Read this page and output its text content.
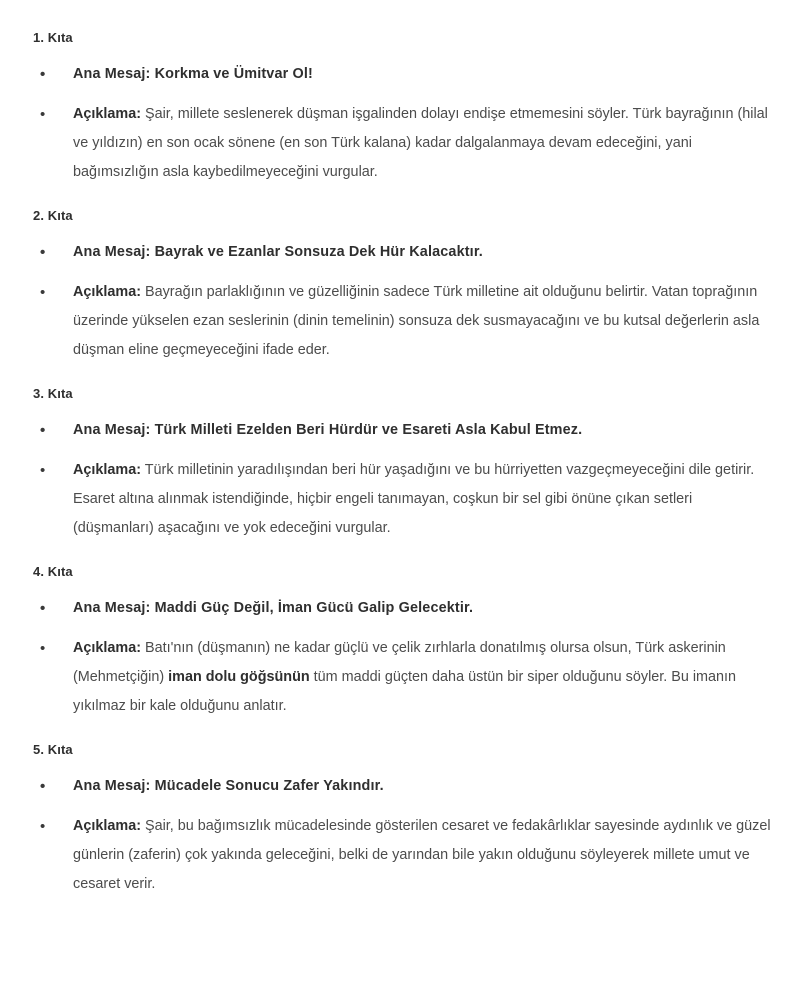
1. Kıta
• Ana Mesaj: Korkma ve Ümitvar Ol!
• Açıklama: Şair, millete seslenerek düşman işgalinden dolayı endişe etmemesini söyler. Türk bayrağının (hilal ve yıldızın) en son ocak sönene (en son Türk kalana) kadar dalgalanmaya devam edeceğini, yani bağımsızlığın asla kaybedilmeyeceğini vurgular.
2. Kıta
• Ana Mesaj: Bayrak ve Ezanlar Sonsuza Dek Hür Kalacaktır.
• Açıklama: Bayrağın parlaklığının ve güzelliğinin sadece Türk milletine ait olduğunu belirtir. Vatan toprağının üzerinde yükselen ezan seslerinin (dinin temelinin) sonsuza dek susmayacağını ve bu kutsal değerlerin asla düşman eline geçmeyeceğini ifade eder.
3. Kıta
• Ana Mesaj: Türk Milleti Ezelden Beri Hürdür ve Esareti Asla Kabul Etmez.
• Açıklama: Türk milletinin yaradılışından beri hür yaşadığını ve bu hürriyetten vazgeçmeyeceğini dile getirir. Esaret altına alınmak istendiğinde, hiçbir engeli tanımayan, coşkun bir sel gibi önüne çıkan setleri (düşmanları) aşacağını ve yok edeceğini vurgular.
4. Kıta
• Ana Mesaj: Maddi Güç Değil, İman Gücü Galip Gelecektir.
• Açıklama: Batı'nın (düşmanın) ne kadar güçlü ve çelik zırhlarla donatılmış olursa olsun, Türk askerinin (Mehmetçiğin) iman dolu göğsünün tüm maddi güçten daha üstün bir siper olduğunu söyler. Bu imanın yıkılmaz bir kale olduğunu anlatır.
5. Kıta
• Ana Mesaj: Mücadele Sonucu Zafer Yakındır.
• Açıklama: Şair, bu bağımsızlık mücadelesinde gösterilen cesaret ve fedakârlıklar sayesinde aydınlık ve güzel günlerin (zaferin) çok yakında geleceğini, belki de yarından bile yakın olduğunu söyleyerek millete umut ve cesaret verir.
